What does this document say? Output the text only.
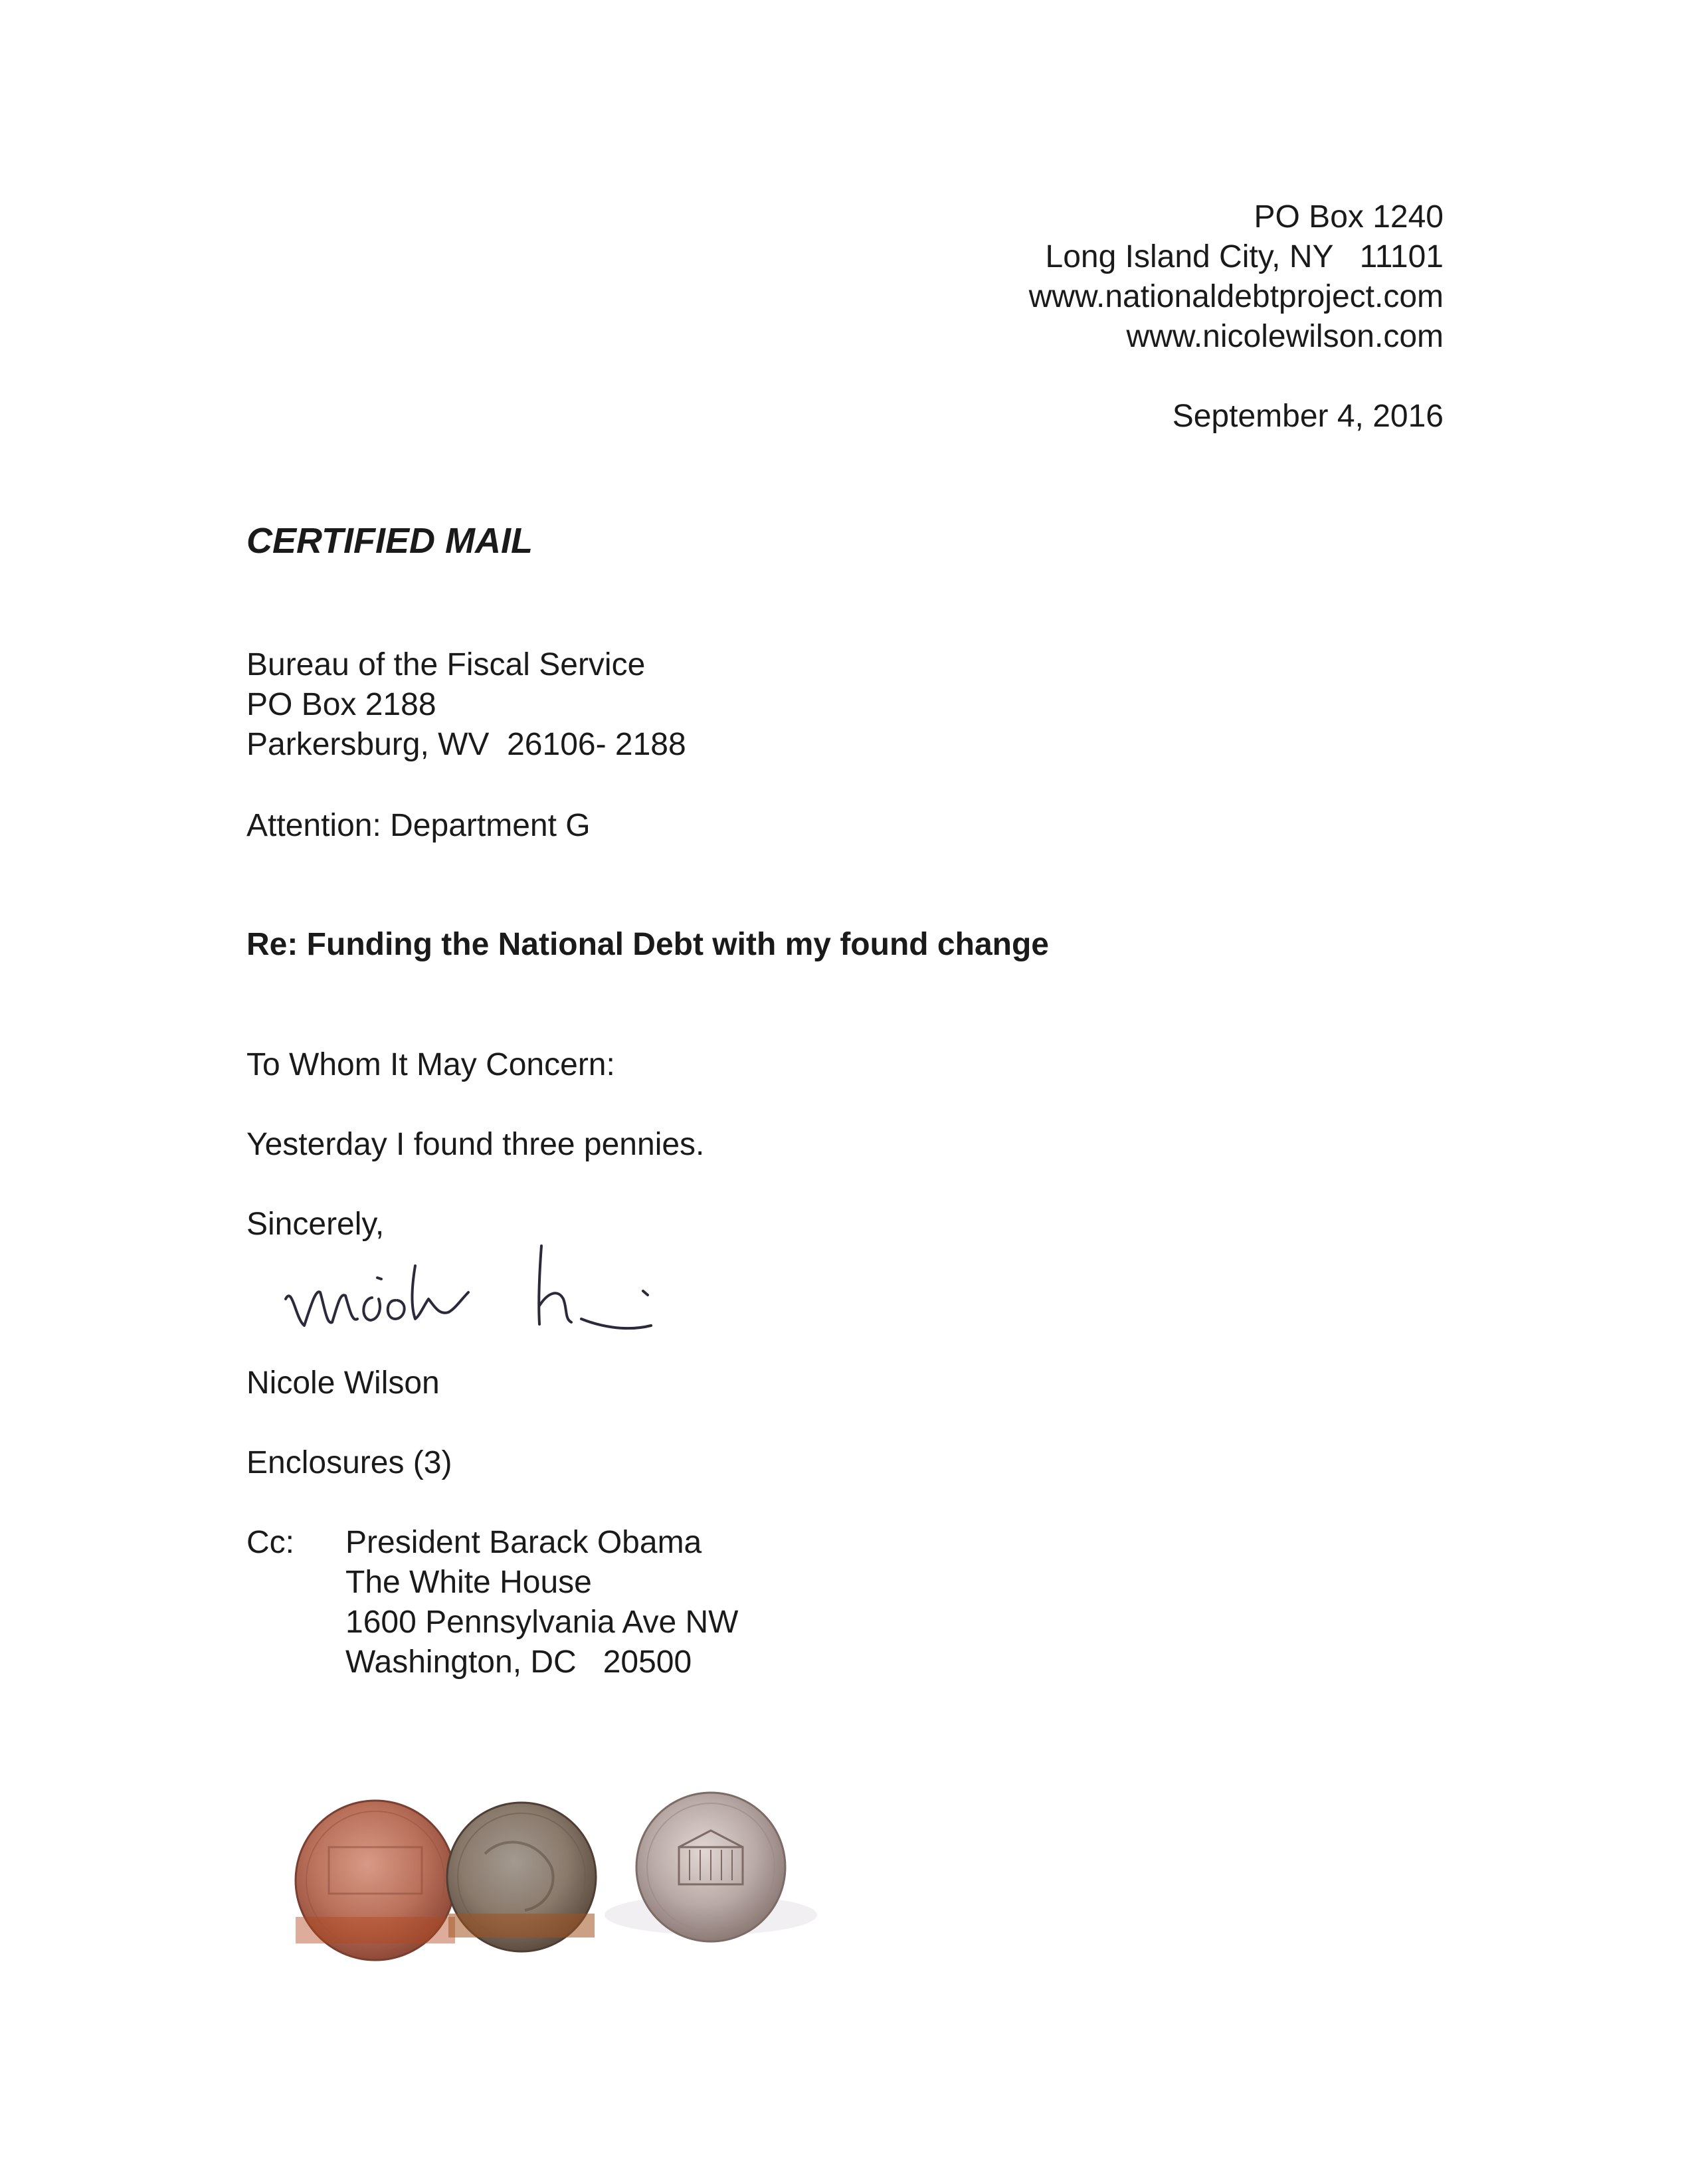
PO Box 1240
Long Island City, NY   11101
www.nationaldebtproject.com
www.nicolewilson.com
September 4, 2016
CERTIFIED MAIL
Bureau of the Fiscal Service
PO Box 2188
Parkersburg, WV  26106- 2188
Attention: Department G
Re: Funding the National Debt with my found change
To Whom It May Concern:
Yesterday I found three pennies.
Sincerely,
Nicole Wilson
Enclosures (3)
Cc: President Barack Obama
The White House
1600 Pennsylvania Ave NW
Washington, DC   20500
